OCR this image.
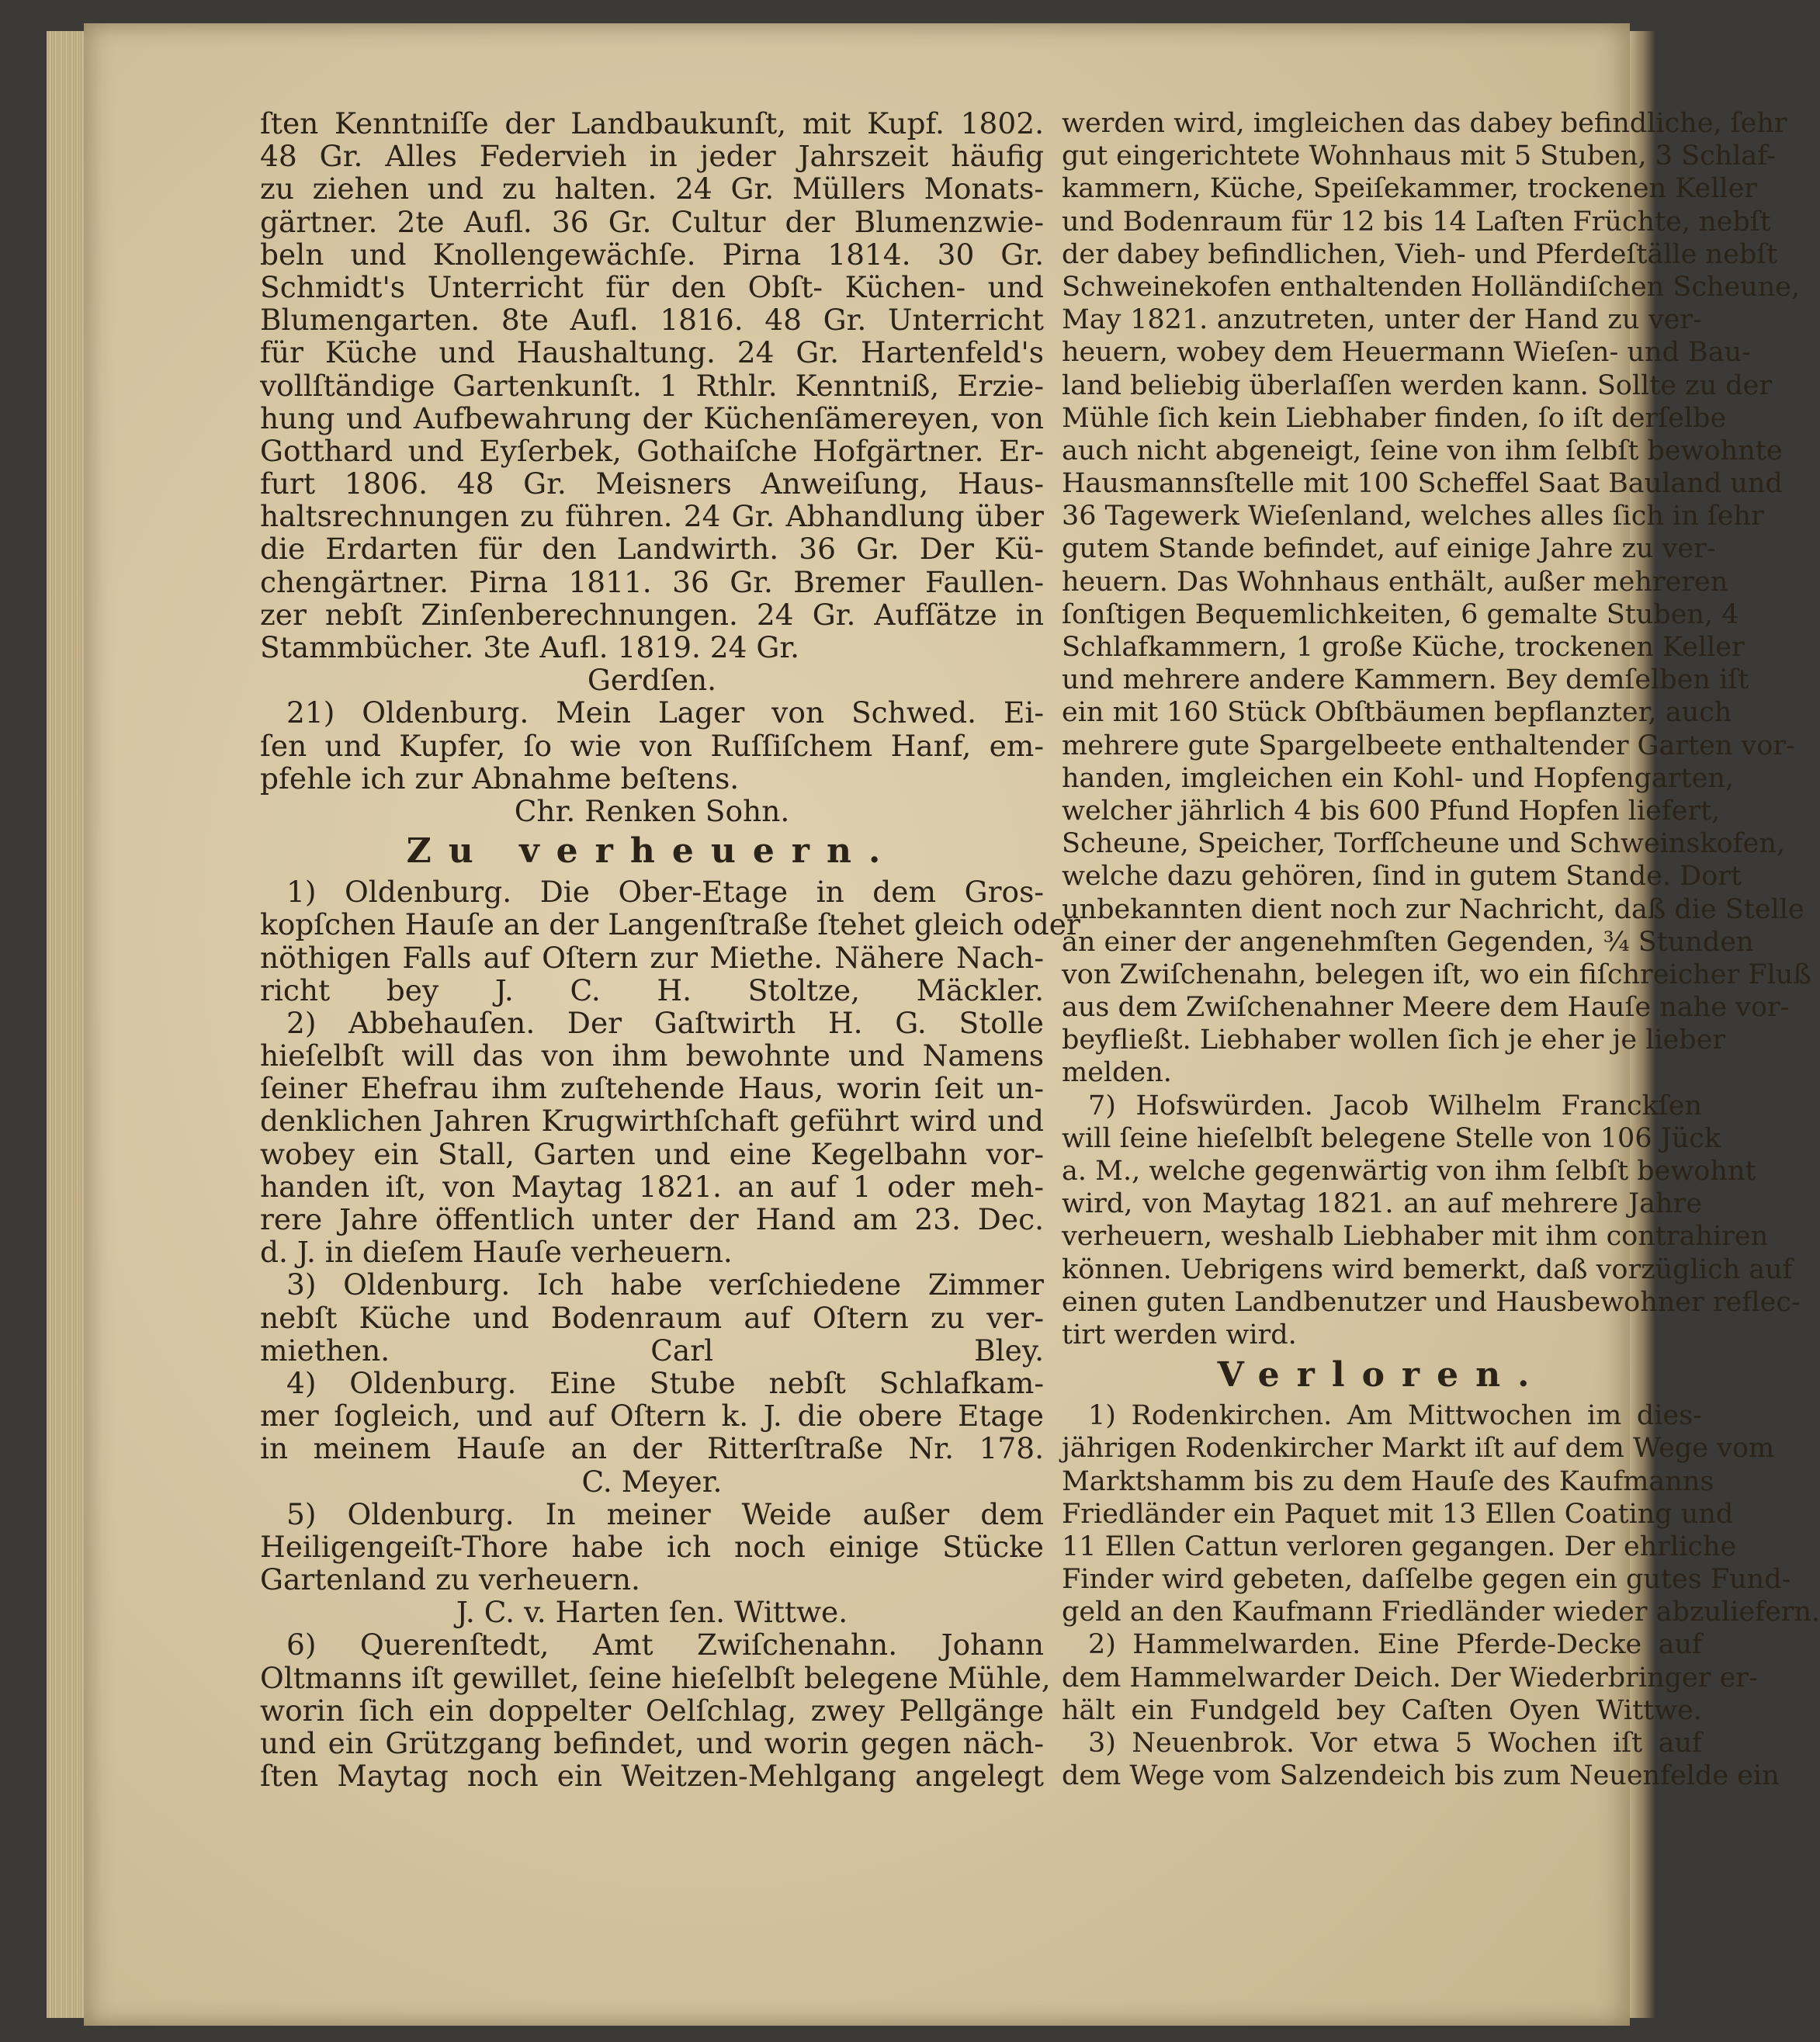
ſten Kenntniſſe der Landbaukunſt, mit Kupf. 1802.
48 Gr. Alles Federvieh in jeder Jahrszeit häufig
zu ziehen und zu halten. 24 Gr. Müllers Monats-
gärtner. 2te Aufl. 36 Gr. Cultur der Blumenzwie-
beln und Knollengewächſe. Pirna 1814. 30 Gr.
Schmidt's Unterricht für den Obſt- Küchen- und
Blumengarten. 8te Aufl. 1816. 48 Gr. Unterricht
für Küche und Haushaltung. 24 Gr. Hartenfeld's
vollſtändige Gartenkunſt. 1 Rthlr. Kenntniß, Erzie-
hung und Aufbewahrung der Küchenſämereyen, von
Gotthard und Eyſerbek, Gothaiſche Hofgärtner. Er-
furt 1806. 48 Gr. Meisners Anweiſung, Haus-
haltsrechnungen zu führen. 24 Gr. Abhandlung über
die Erdarten für den Landwirth. 36 Gr. Der Kü-
chengärtner. Pirna 1811. 36 Gr. Bremer Faullen-
zer nebſt Zinſenberechnungen. 24 Gr. Aufſätze in
Stammbücher. 3te Aufl. 1819. 24 Gr.
Gerdſen.
21) Oldenburg. Mein Lager von Schwed. Ei-
ſen und Kupfer, ſo wie von Ruſſiſchem Hanf, em-
pfehle ich zur Abnahme beſtens.
Chr. Renken Sohn.
Zu verheuern.
1) Oldenburg. Die Ober-Etage in dem Gros-
kopſchen Hauſe an der Langenſtraße ſtehet gleich oder
nöthigen Falls auf Oſtern zur Miethe. Nähere Nach-
richt bey J. C. H. Stoltze, Mäckler.
2) Abbehauſen. Der Gaſtwirth H. G. Stolle
hieſelbſt will das von ihm bewohnte und Namens
ſeiner Ehefrau ihm zuſtehende Haus, worin ſeit un-
denklichen Jahren Krugwirthſchaft geführt wird und
wobey ein Stall, Garten und eine Kegelbahn vor-
handen iſt, von Maytag 1821. an auf 1 oder meh-
rere Jahre öffentlich unter der Hand am 23. Dec.
d. J. in dieſem Hauſe verheuern.
3) Oldenburg. Ich habe verſchiedene Zimmer
nebſt Küche und Bodenraum auf Oſtern zu ver-
miethen. Carl Bley.
4) Oldenburg. Eine Stube nebſt Schlafkam-
mer ſogleich, und auf Oſtern k. J. die obere Etage
in meinem Hauſe an der Ritterſtraße Nr. 178.
C. Meyer.
5) Oldenburg. In meiner Weide außer dem
Heiligengeiſt-Thore habe ich noch einige Stücke
Gartenland zu verheuern.
J. C. v. Harten ſen. Wittwe.
6) Querenſtedt, Amt Zwiſchenahn. Johann
Oltmanns iſt gewillet, ſeine hieſelbſt belegene Mühle,
worin ſich ein doppelter Oelſchlag, zwey Pellgänge
und ein Grützgang befindet, und worin gegen näch-
ſten Maytag noch ein Weitzen-Mehlgang angelegt
werden wird, imgleichen das dabey befindliche, ſehr
gut eingerichtete Wohnhaus mit 5 Stuben, 3 Schlaf-
kammern, Küche, Speiſekammer, trockenen Keller
und Bodenraum für 12 bis 14 Laſten Früchte, nebſt
der dabey befindlichen, Vieh- und Pferdeſtälle nebſt
Schweinekofen enthaltenden Holländiſchen Scheune,
May 1821. anzutreten, unter der Hand zu ver-
heuern, wobey dem Heuermann Wieſen- und Bau-
land beliebig überlaſſen werden kann. Sollte zu der
Mühle ſich kein Liebhaber finden, ſo iſt derſelbe
auch nicht abgeneigt, ſeine von ihm ſelbſt bewohnte
Hausmannsſtelle mit 100 Scheffel Saat Bauland und
36 Tagewerk Wieſenland, welches alles ſich in ſehr
gutem Stande befindet, auf einige Jahre zu ver-
heuern. Das Wohnhaus enthält, außer mehreren
ſonſtigen Bequemlichkeiten, 6 gemalte Stuben, 4
Schlafkammern, 1 große Küche, trockenen Keller
und mehrere andere Kammern. Bey demſelben iſt
ein mit 160 Stück Obſtbäumen bepflanzter, auch
mehrere gute Spargelbeete enthaltender Garten vor-
handen, imgleichen ein Kohl- und Hopfengarten,
welcher jährlich 4 bis 600 Pfund Hopfen liefert,
Scheune, Speicher, Torfſcheune und Schweinskofen,
welche dazu gehören, ſind in gutem Stande. Dort
unbekannten dient noch zur Nachricht, daß die Stelle
an einer der angenehmſten Gegenden, ¾ Stunden
von Zwiſchenahn, belegen iſt, wo ein fiſchreicher Fluß
aus dem Zwiſchenahner Meere dem Hauſe nahe vor-
beyfließt. Liebhaber wollen ſich je eher je lieber
melden.
7) Hofswürden. Jacob Wilhelm Franckſen
will ſeine hieſelbſt belegene Stelle von 106 Jück
a. M., welche gegenwärtig von ihm ſelbſt bewohnt
wird, von Maytag 1821. an auf mehrere Jahre
verheuern, weshalb Liebhaber mit ihm contrahiren
können. Uebrigens wird bemerkt, daß vorzüglich auf
einen guten Landbenutzer und Hausbewohner reflec-
tirt werden wird.
Verloren.
1) Rodenkirchen. Am Mittwochen im dies-
jährigen Rodenkircher Markt iſt auf dem Wege vom
Marktshamm bis zu dem Hauſe des Kaufmanns
Friedländer ein Paquet mit 13 Ellen Coating und
11 Ellen Cattun verloren gegangen. Der ehrliche
Finder wird gebeten, daſſelbe gegen ein gutes Fund-
geld an den Kaufmann Friedländer wieder abzuliefern.
2) Hammelwarden. Eine Pferde-Decke auf
dem Hammelwarder Deich. Der Wiederbringer er-
hält ein Fundgeld bey Caſten Oyen Wittwe.
3) Neuenbrok. Vor etwa 5 Wochen iſt auf
dem Wege vom Salzendeich bis zum Neuenfelde ein
